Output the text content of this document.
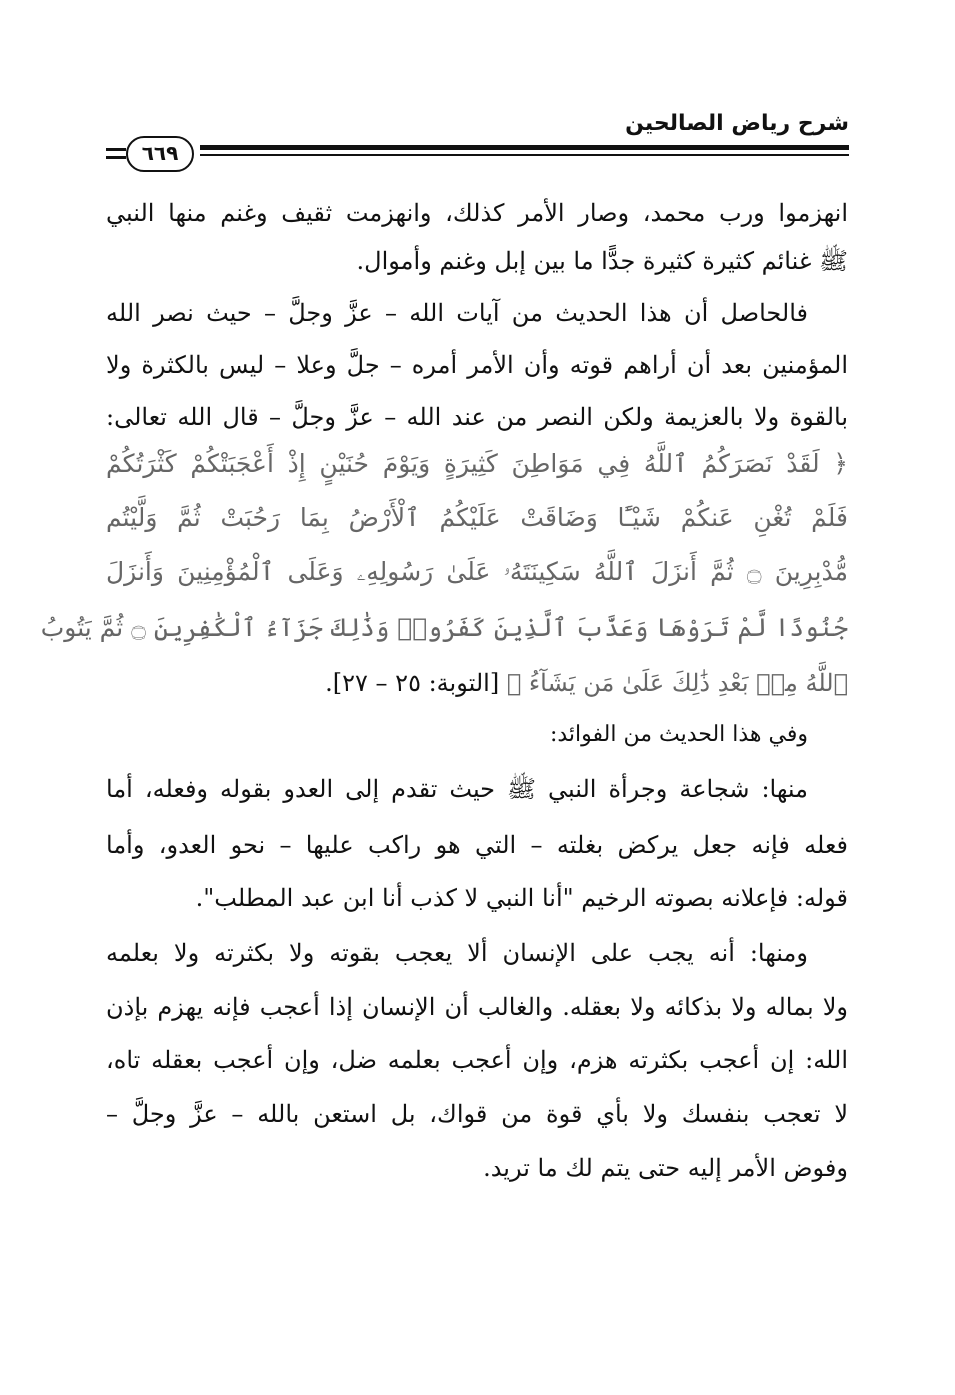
شرح رياض الصالحين
٦٦٩
انهزموا ورب محمد، وصار الأمر كذلك، وانهزمت ثقيف وغنم منها النبي
ﷺ غنائم كثيرة كثيرة جدًّا ما بين إبل وغنم وأموال.
فالحاصل أن هذا الحديث من آيات الله – عزَّ وجلَّ – حيث نصر الله
المؤمنين بعد أن أراهم قوته وأن الأمر أمره – جلَّ وعلا – ليس بالكثرة ولا
بالقوة ولا بالعزيمة ولكن النصر من عند الله – عزَّ وجلَّ – قال الله تعالى:
﴿ لَقَدْ نَصَرَكُمُ ٱللَّهُ فِي مَوَاطِنَ كَثِيرَةٍ وَيَوْمَ حُنَيْنٍ إِذْ أَعْجَبَتْكُمْ كَثْرَتُكُمْ
فَلَمْ تُغْنِ عَنكُمْ شَيْـًٔا وَضَاقَتْ عَلَيْكُمُ ٱلْأَرْضُ بِمَا رَحُبَتْ ثُمَّ وَلَّيْتُم
مُّدْبِرِينَ ۝ ثُمَّ أَنزَلَ ٱللَّهُ سَكِينَتَهُۥ عَلَىٰ رَسُولِهِۦ وَعَلَى ٱلْمُؤْمِنِينَ وَأَنزَلَ
جُنُودًا لَّمْ تَرَوْهَا وَعَذَّبَ ٱلَّذِينَ كَفَرُوا۟ وَذَٰلِكَ جَزَآءُ ٱلْكَٰفِرِينَ ۝ ثُمَّ يَتُوبُ
ٱللَّهُ مِنۢ بَعْدِ ذَٰلِكَ عَلَىٰ مَن يَشَآءُ ﴾ [التوبة: ٢٥ – ٢٧].
وفي هذا الحديث من الفوائد:
منها: شجاعة وجرأة النبي ﷺ حيث تقدم إلى العدو بقوله وفعله، أما
فعله فإنه جعل يركض بغلته – التي هو راكب عليها – نحو العدو، وأما
قوله: فإعلانه بصوته الرخيم "أنا النبي لا كذب أنا ابن عبد المطلب".
ومنها: أنه يجب على الإنسان ألا يعجب بقوته ولا بكثرته ولا بعلمه
ولا بماله ولا بذكائه ولا بعقله. والغالب أن الإنسان إذا أعجب فإنه يهزم بإذن
الله: إن أعجب بكثرته هزم، وإن أعجب بعلمه ضل، وإن أعجب بعقله تاه،
لا تعجب بنفسك ولا بأي قوة من قواك، بل استعن بالله – عزَّ وجلَّ –
وفوض الأمر إليه حتى يتم لك ما تريد.
